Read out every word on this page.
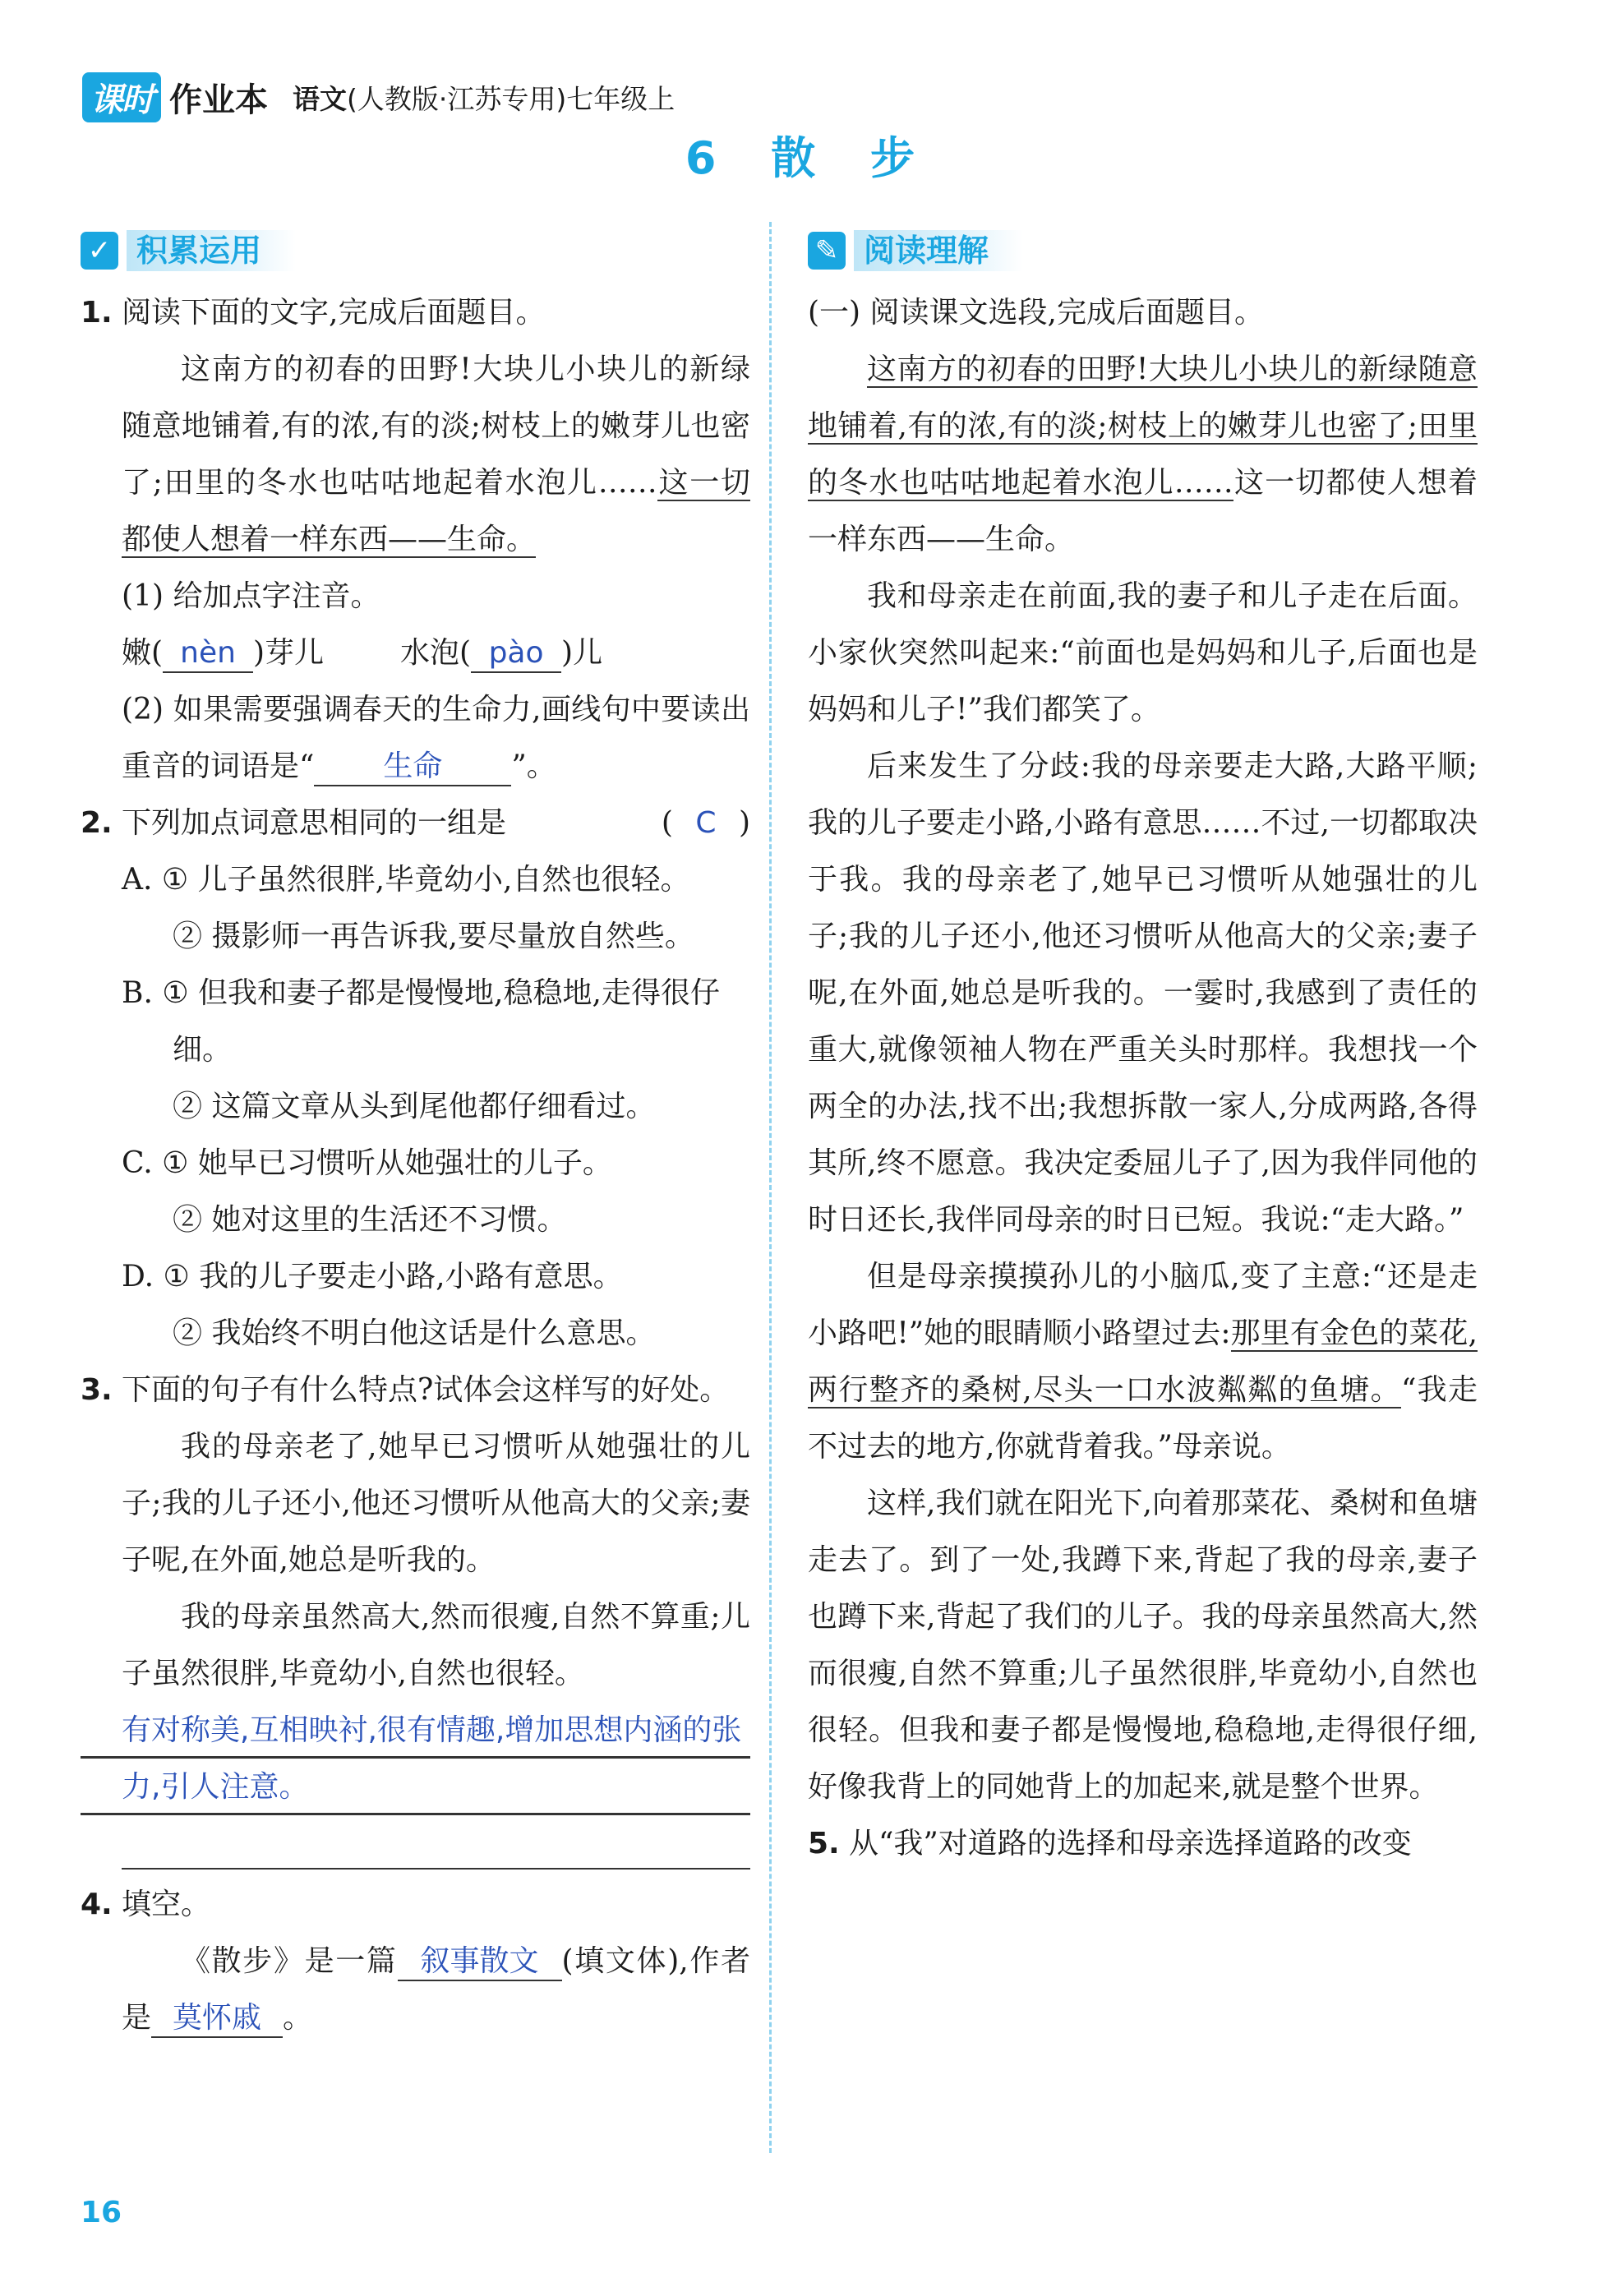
课时 作业本 语文(人教版·江苏专用)七年级上
6 散 步
✓ 积累运用
1. 阅读下面的文字,完成后面题目。
这南方的初春的田野!大块儿小块儿的新绿随意地铺着,有的浓,有的淡;树枝上的嫩芽儿也密了;田里的冬水也咕咕地起着水泡儿……这一切都使人想着一样东西——生命。
(1) 给加点字注音。
嫩( nèn )芽儿	水泡( pào )儿
(2) 如果需要强调春天的生命力,画线句中要读出重音的词语是“ 生命 ”。
2. 下列加点词意思相同的一组是	( C )
A. ① 儿子虽然很胖,毕竟幼小,自然也很轻。
② 摄影师一再告诉我,要尽量放自然些。
B. ① 但我和妻子都是慢慢地,稳稳地,走得很仔细。
② 这篇文章从头到尾他都仔细看过。
C. ① 她早已习惯听从她强壮的儿子。
② 她对这里的生活还不习惯。
D. ① 我的儿子要走小路,小路有意思。
② 我始终不明白他这话是什么意思。
3. 下面的句子有什么特点?试体会这样写的好处。
我的母亲老了,她早已习惯听从她强壮的儿子;我的儿子还小,他还习惯听从他高大的父亲;妻子呢,在外面,她总是听我的。
我的母亲虽然高大,然而很瘦,自然不算重;儿子虽然很胖,毕竟幼小,自然也很轻。
有对称美,互相映衬,很有情趣,增加思想内涵的张力,引人注意。
4. 填空。
《散步》是一篇 叙事散文 (填文体),作者是 莫怀戚 。
✎ 阅读理解
(一) 阅读课文选段,完成后面题目。
这南方的初春的田野!大块儿小块儿的新绿随意地铺着,有的浓,有的淡;树枝上的嫩芽儿也密了;田里的冬水也咕咕地起着水泡儿……这一切都使人想着一样东西——生命。
我和母亲走在前面,我的妻子和儿子走在后面。小家伙突然叫起来:“前面也是妈妈和儿子,后面也是妈妈和儿子!”我们都笑了。
后来发生了分歧:我的母亲要走大路,大路平顺;我的儿子要走小路,小路有意思……不过,一切都取决于我。我的母亲老了,她早已习惯听从她强壮的儿子;我的儿子还小,他还习惯听从他高大的父亲;妻子呢,在外面,她总是听我的。一霎时,我感到了责任的重大,就像领袖人物在严重关头时那样。我想找一个两全的办法,找不出;我想拆散一家人,分成两路,各得其所,终不愿意。我决定委屈儿子了,因为我伴同他的时日还长,我伴同母亲的时日已短。我说:“走大路。”
但是母亲摸摸孙儿的小脑瓜,变了主意:“还是走小路吧!”她的眼睛顺小路望过去:那里有金色的菜花,两行整齐的桑树,尽头一口水波粼粼的鱼塘。“我走不过去的地方,你就背着我。”母亲说。
这样,我们就在阳光下,向着那菜花、桑树和鱼塘走去了。到了一处,我蹲下来,背起了我的母亲,妻子也蹲下来,背起了我们的儿子。我的母亲虽然高大,然而很瘦,自然不算重;儿子虽然很胖,毕竟幼小,自然也很轻。但我和妻子都是慢慢地,稳稳地,走得很仔细,好像我背上的同她背上的加起来,就是整个世界。
5. 从“我”对道路的选择和母亲选择道路的改变
16
